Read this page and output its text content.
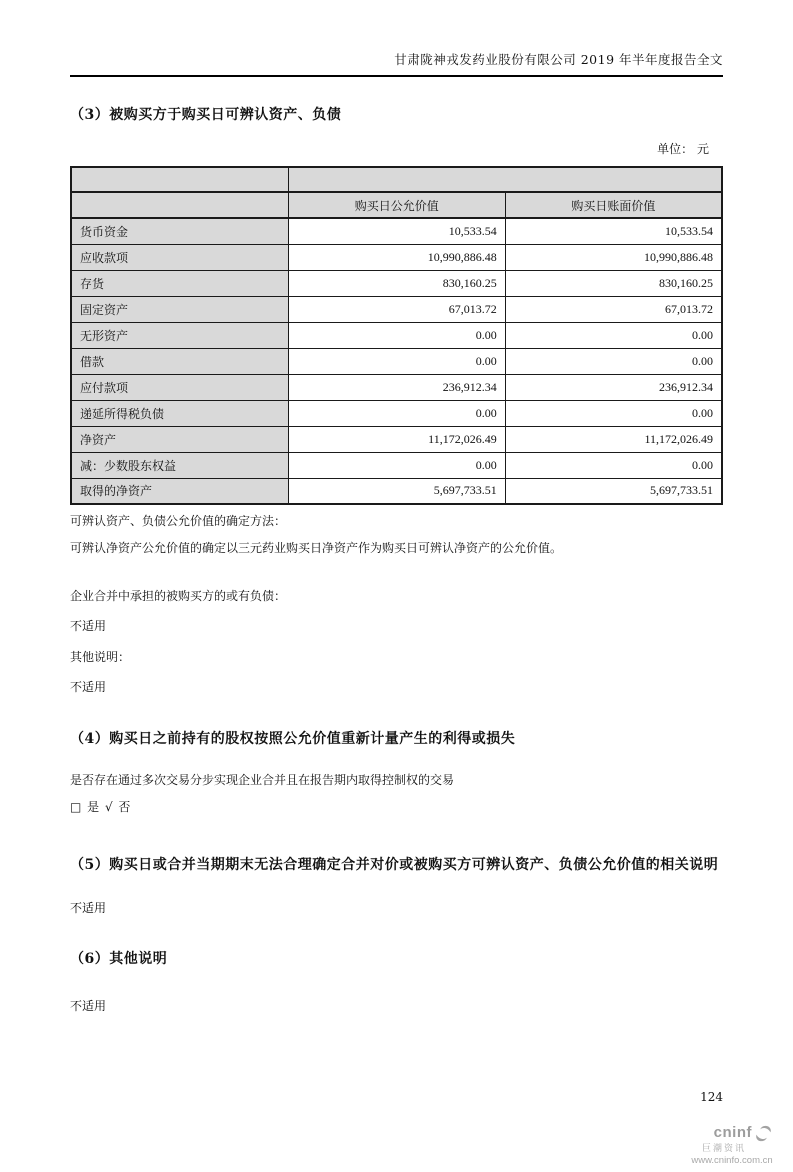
甘肃陇神戎发药业股份有限公司 2019 年半年度报告全文
（3）被购买方于购买日可辨认资产、负债
单位： 元

	购买日公允价值	购买日账面价值
货币资金	10,533.54	10,533.54
应收款项	10,990,886.48	10,990,886.48
存货	830,160.25	830,160.25
固定资产	67,013.72	67,013.72
无形资产	0.00	0.00
借款	0.00	0.00
应付款项	236,912.34	236,912.34
递延所得税负债	0.00	0.00
净资产	11,172,026.49	11,172,026.49
减：少数股东权益	0.00	0.00
取得的净资产	5,697,733.51	5,697,733.51
可辨认资产、负债公允价值的确定方法：
可辨认净资产公允价值的确定以三元药业购买日净资产作为购买日可辨认净资产的公允价值。
企业合并中承担的被购买方的或有负债：
不适用
其他说明：
不适用
（4）购买日之前持有的股权按照公允价值重新计量产生的利得或损失
是否存在通过多次交易分步实现企业合并且在报告期内取得控制权的交易
□ 是 √ 否
（5）购买日或合并当期期末无法合理确定合并对价或被购买方可辨认资产、负债公允价值的相关说明
不适用
（6）其他说明
不适用
124
cninf
巨潮资讯
www.cninfo.com.cn
